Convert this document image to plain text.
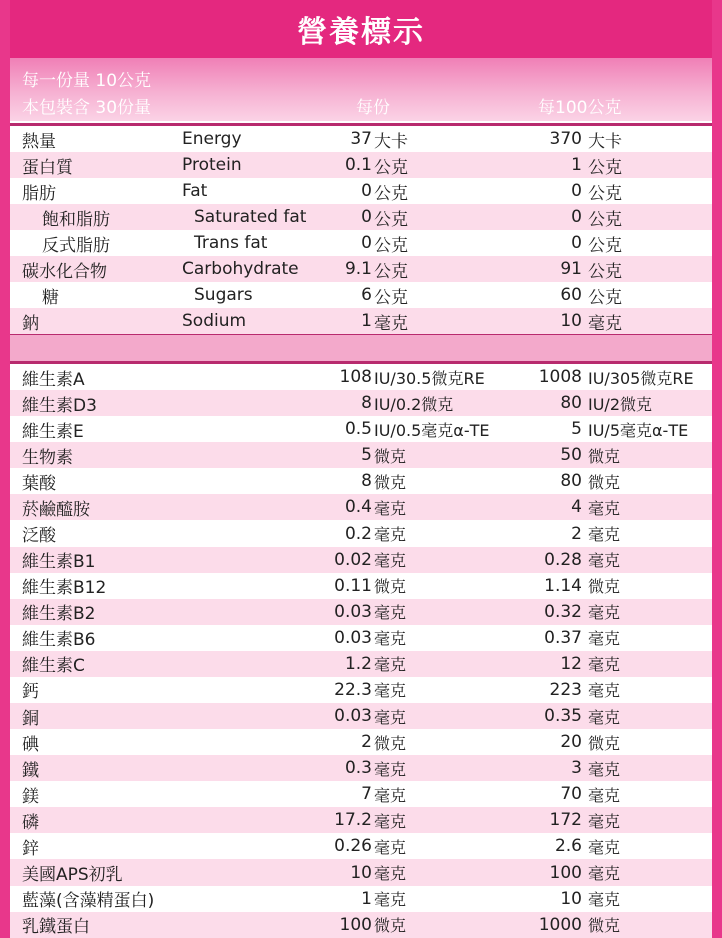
營養標示
每一份量 10公克
本包裝含 30份量	每份	每100公克
熱量	Energy	37 大卡	370 大卡
蛋白質	Protein	0.1 公克	1 公克
脂肪	Fat	0 公克	0 公克
飽和脂肪	Saturated fat	0 公克	0 公克
反式脂肪	Trans fat	0 公克	0 公克
碳水化合物	Carbohydrate	9.1 公克	91 公克
糖	Sugars	6 公克	60 公克
鈉	Sodium	1 毫克	10 毫克
維生素A	108 IU/30.5微克RE	1008 IU/305微克RE
維生素D3	8 IU/0.2微克	80 IU/2微克
維生素E	0.5 IU/0.5毫克α-TE	5 IU/5毫克α-TE
生物素	5 微克	50 微克
葉酸	8 微克	80 微克
菸鹼醯胺	0.4 毫克	4 毫克
泛酸	0.2 毫克	2 毫克
維生素B1	0.02 毫克	0.28 毫克
維生素B12	0.11 微克	1.14 微克
維生素B2	0.03 毫克	0.32 毫克
維生素B6	0.03 毫克	0.37 毫克
維生素C	1.2 毫克	12 毫克
鈣	22.3 毫克	223 毫克
銅	0.03 毫克	0.35 毫克
碘	2 微克	20 微克
鐵	0.3 毫克	3 毫克
鎂	7 毫克	70 毫克
磷	17.2 毫克	172 毫克
鋅	0.26 毫克	2.6 毫克
美國APS初乳	10 毫克	100 毫克
藍藻(含藻精蛋白)	1 毫克	10 毫克
乳鐵蛋白	100 微克	1000 微克
